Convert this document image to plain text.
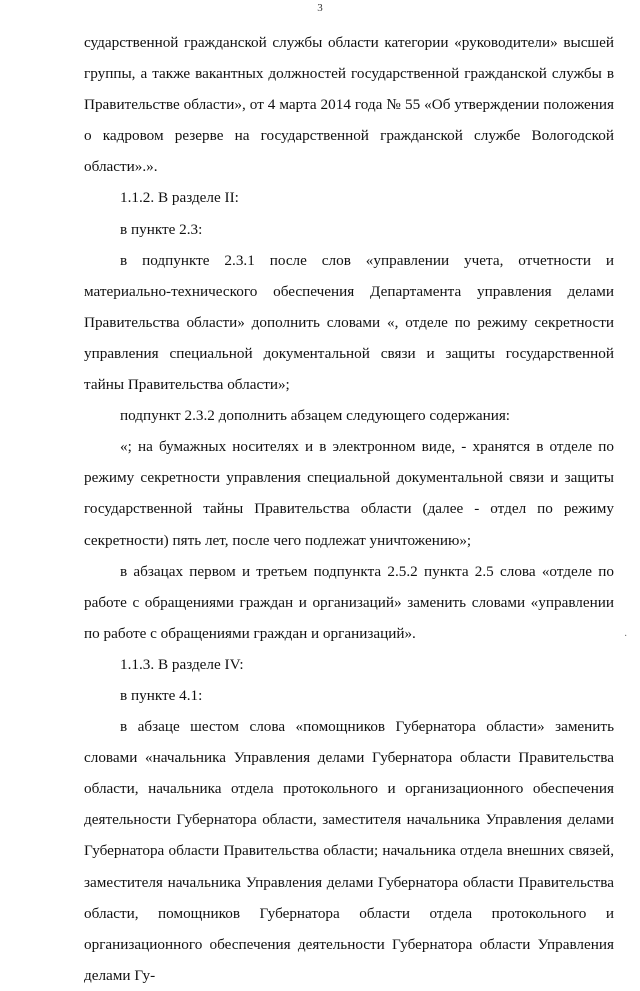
3

сударственной гражданской службы области категории «руководители» высшей группы, а также вакантных должностей государственной гражданской службы в Правительстве области», от 4 марта 2014 года № 55 «Об утверждении положения о кадровом резерве на государственной гражданской службе Вологодской области».».

1.1.2. В разделе II:

в пункте 2.3:

в подпункте 2.3.1 после слов «управлении учета, отчетности и материально-технического обеспечения Департамента управления делами Правительства области» дополнить словами «, отделе по режиму секретности управления специальной документальной связи и защиты государственной тайны Правительства области»;

подпункт 2.3.2 дополнить абзацем следующего содержания:

«; на бумажных носителях и в электронном виде, - хранятся в отделе по режиму секретности управления специальной документальной связи и защиты государственной тайны Правительства области (далее - отдел по режиму секретности) пять лет, после чего подлежат уничтожению»;

в абзацах первом и третьем подпункта 2.5.2 пункта 2.5 слова «отделе по работе с обращениями граждан и организаций» заменить словами «управлении по работе с обращениями граждан и организаций».

1.1.3. В разделе IV:

в пункте 4.1:

в абзаце шестом слова «помощников Губернатора области» заменить словами «начальника Управления делами Губернатора области Правительства области, начальника отдела протокольного и организационного обеспечения деятельности Губернатора области, заместителя начальника Управления делами Губернатора области Правительства области; начальника отдела внешних связей, заместителя начальника Управления делами Губернатора области Правительства области, помощников Губернатора области отдела протокольного и организационного обеспечения деятельности Губернатора области Управления делами Гу-

·
